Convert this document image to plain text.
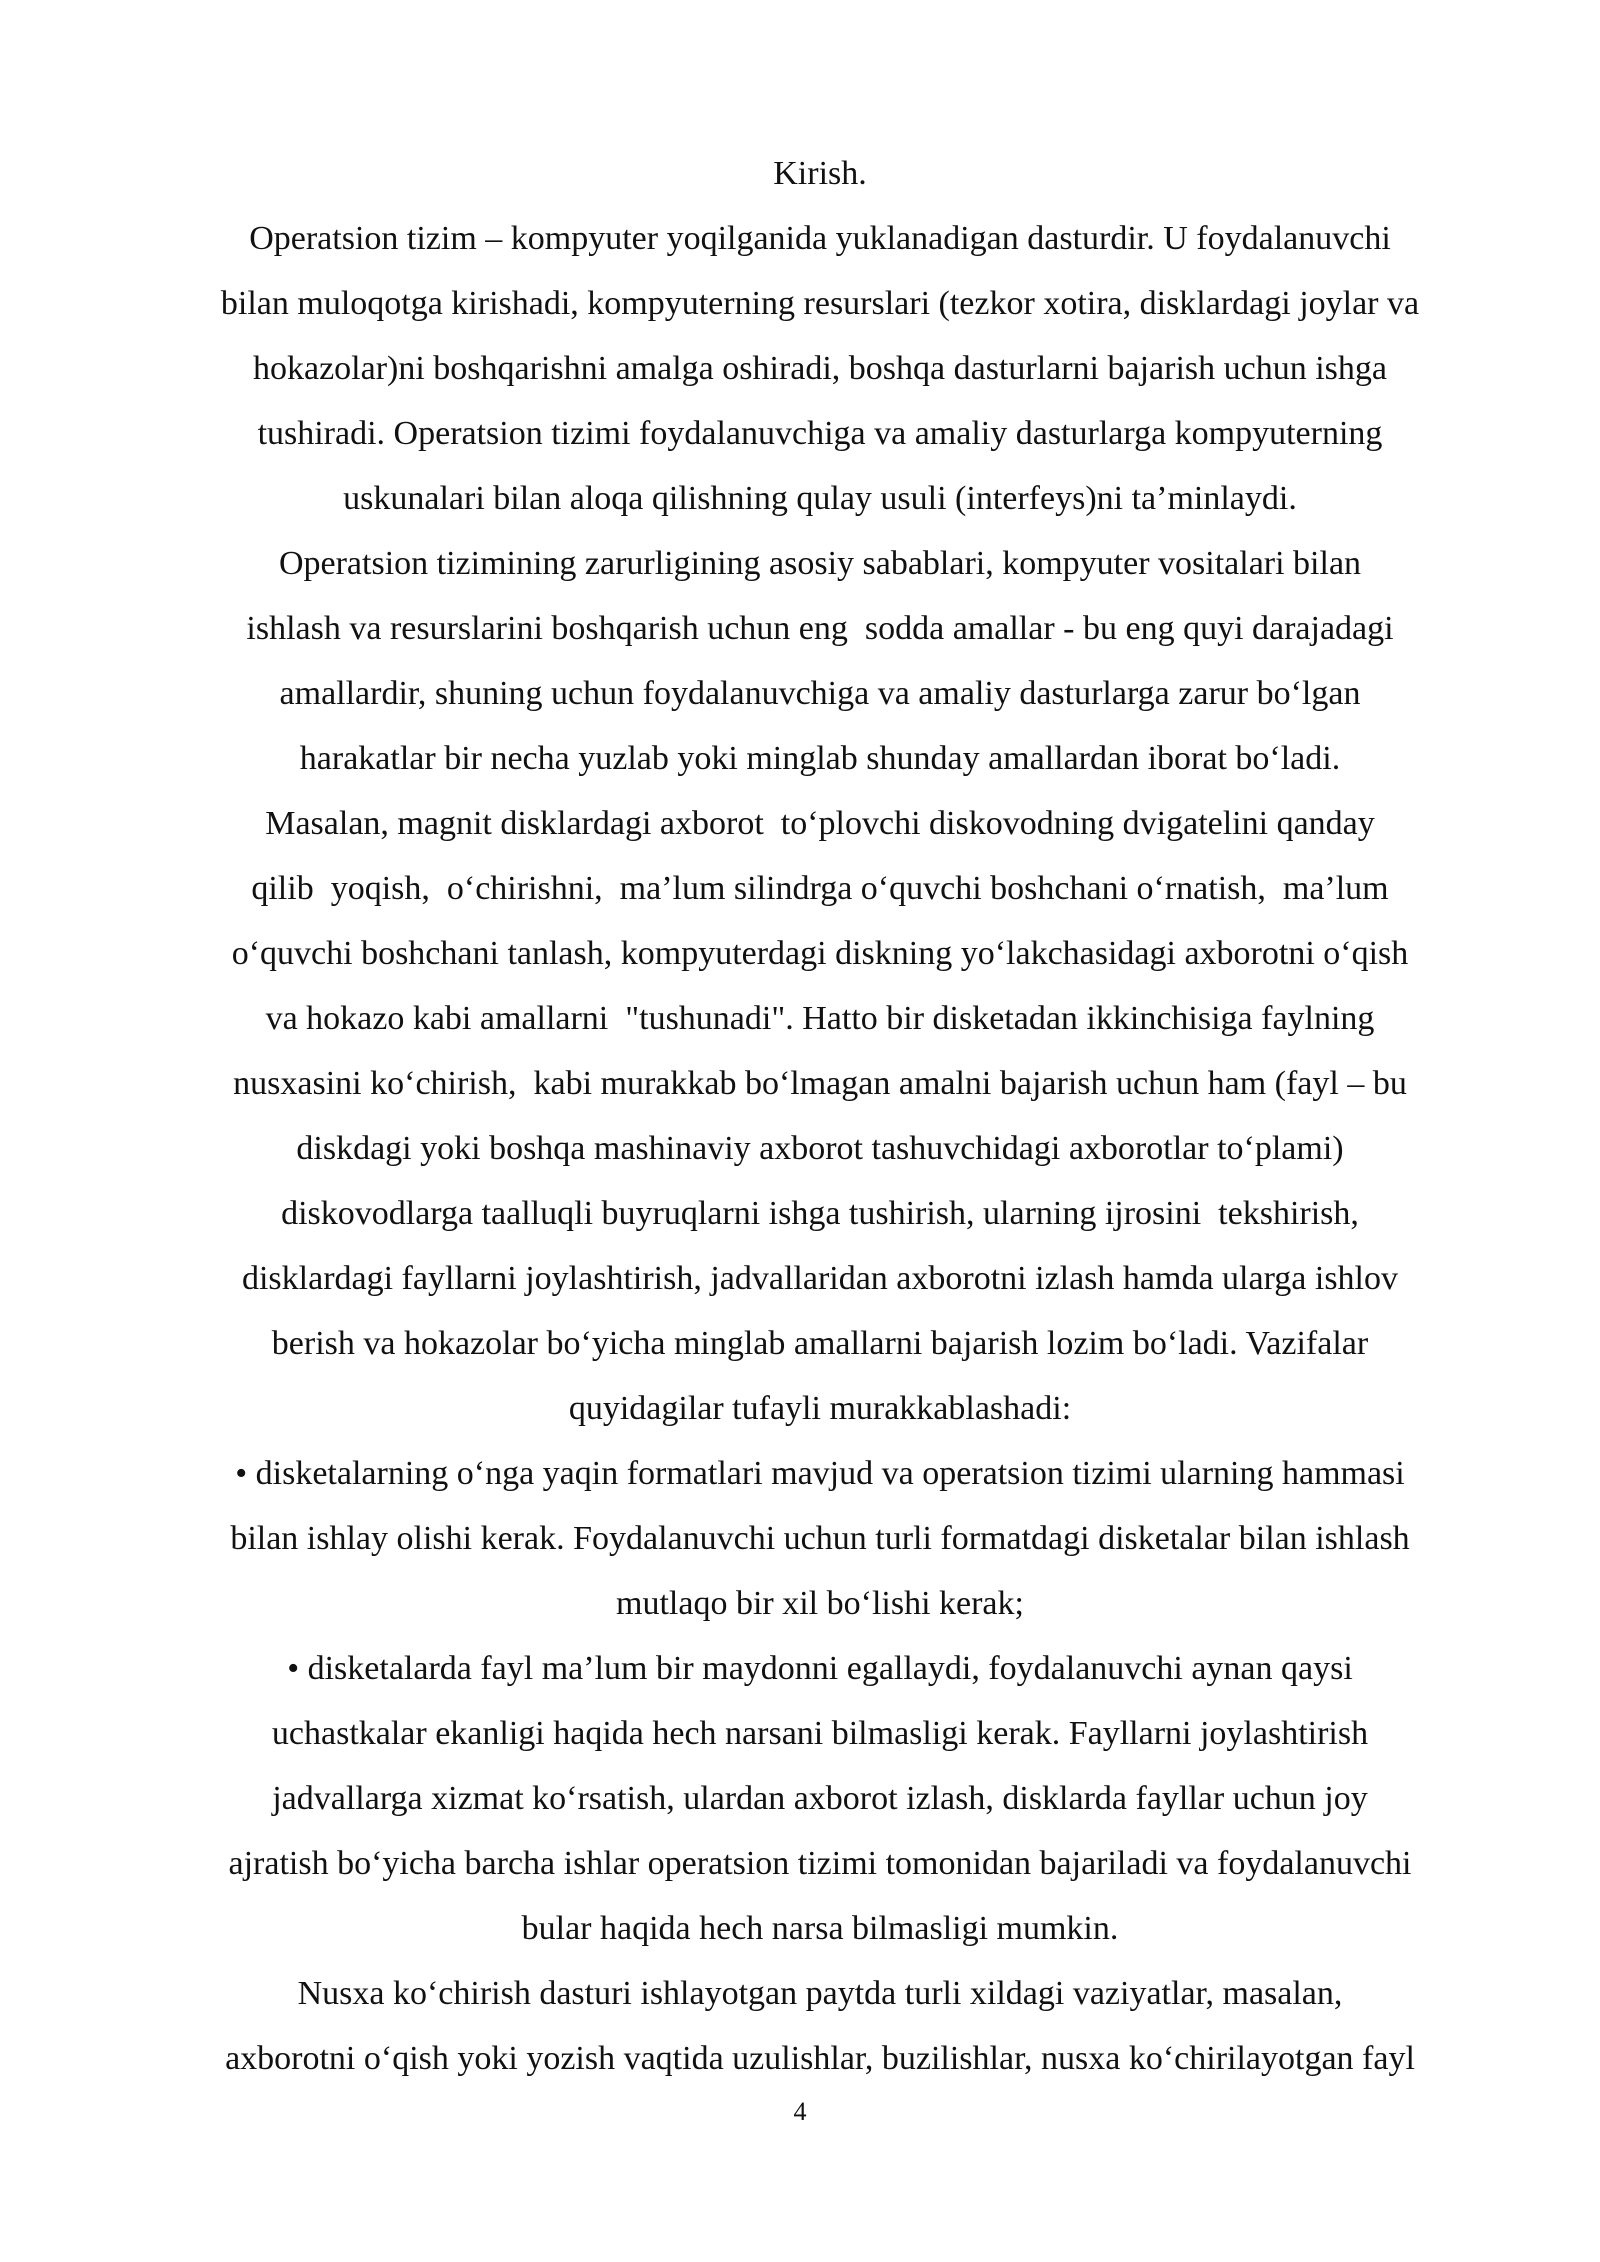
Kirish.
Operatsion tizim – kompyuter yoqilganida yuklanadigan dasturdir. U foydalanuvchi
bilan muloqotga kirishadi, kompyuterning resurslari (tezkor xotira, disklardagi joylar va
hokazolar)ni boshqarishni amalga oshiradi, boshqa dasturlarni bajarish uchun ishga
tushiradi. Operatsion tizimi foydalanuvchiga va amaliy dasturlarga kompyuterning
uskunalari bilan aloqa qilishning qulay usuli (interfeys)ni ta’minlaydi.
Operatsion tizimining zarurligining asosiy sabablari, kompyuter vositalari bilan
ishlash va resurslarini boshqarish uchun eng  sodda amallar - bu eng quyi darajadagi
amallardir, shuning uchun foydalanuvchiga va amaliy dasturlarga zarur bo‘lgan
harakatlar bir necha yuzlab yoki minglab shunday amallardan iborat bo‘ladi.
Masalan, magnit disklardagi axborot  to‘plovchi diskovodning dvigatelini qanday
qilib  yoqish,  o‘chirishni,  ma’lum silindrga o‘quvchi boshchani o‘rnatish,  ma’lum
o‘quvchi boshchani tanlash, kompyuterdagi diskning yo‘lakchasidagi axborotni o‘qish
va hokazo kabi amallarni  "tushunadi". Hatto bir disketadan ikkinchisiga faylning
nusxasini ko‘chirish,  kabi murakkab bo‘lmagan amalni bajarish uchun ham (fayl – bu
diskdagi yoki boshqa mashinaviy axborot tashuvchidagi axborotlar to‘plami)
diskovodlarga taalluqli buyruqlarni ishga tushirish, ularning ijrosini  tekshirish,
disklardagi fayllarni joylashtirish, jadvallaridan axborotni izlash hamda ularga ishlov
berish va hokazolar bo‘yicha minglab amallarni bajarish lozim bo‘ladi. Vazifalar
quyidagilar tufayli murakkablashadi:
• disketalarning o‘nga yaqin formatlari mavjud va operatsion tizimi ularning hammasi
bilan ishlay olishi kerak. Foydalanuvchi uchun turli formatdagi disketalar bilan ishlash
mutlaqo bir xil bo‘lishi kerak;
• disketalarda fayl ma’lum bir maydonni egallaydi, foydalanuvchi aynan qaysi
uchastkalar ekanligi haqida hech narsani bilmasligi kerak. Fayllarni joylashtirish
jadvallarga xizmat ko‘rsatish, ulardan axborot izlash, disklarda fayllar uchun joy
ajratish bo‘yicha barcha ishlar operatsion tizimi tomonidan bajariladi va foydalanuvchi
bular haqida hech narsa bilmasligi mumkin.
Nusxa ko‘chirish dasturi ishlayotgan paytda turli xildagi vaziyatlar, masalan,
axborotni o‘qish yoki yozish vaqtida uzulishlar, buzilishlar, nusxa ko‘chirilayotgan fayl
4
